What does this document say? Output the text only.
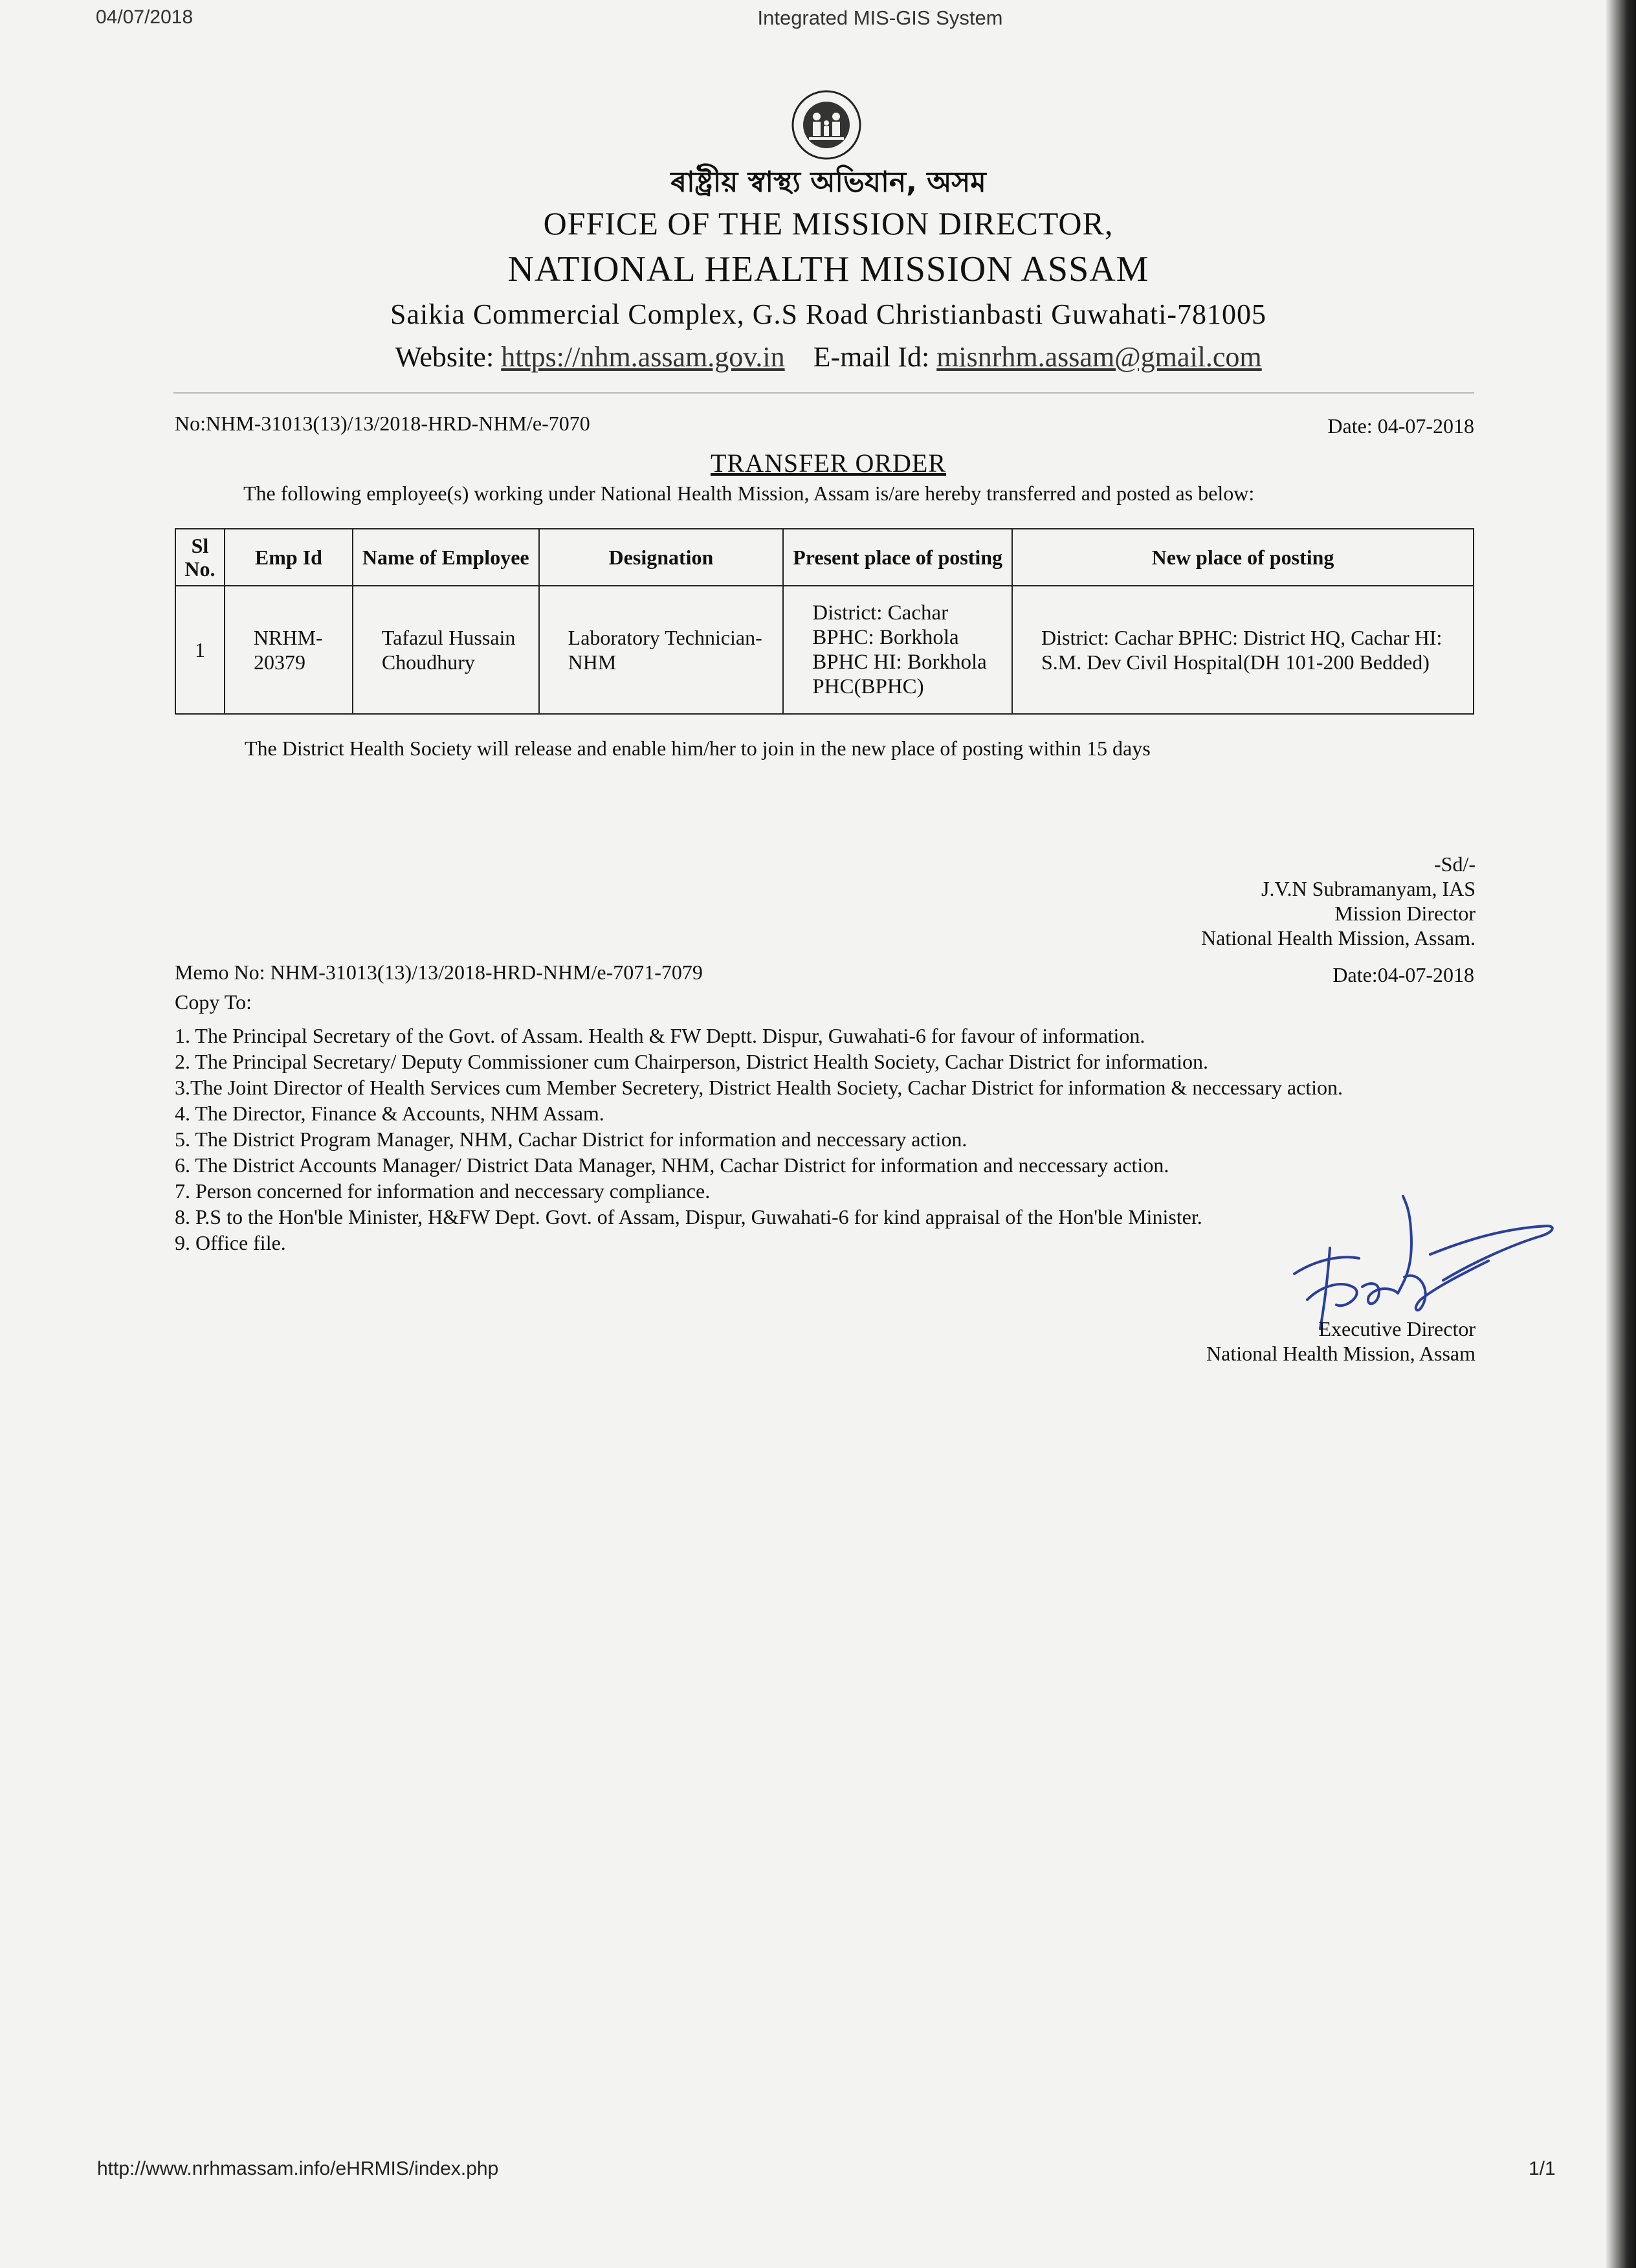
04/07/2018	Integrated MIS-GIS System
ৰাষ্ট্ৰীয় স্বাস্থ্য অভিযান, অসম
OFFICE OF THE MISSION DIRECTOR,
NATIONAL HEALTH MISSION ASSAM
Saikia Commercial Complex, G.S Road Christianbasti Guwahati-781005
Website: https://nhm.assam.gov.in E-mail Id: misnrhm.assam@gmail.com
No:NHM-31013(13)/13/2018-HRD-NHM/e-7070	Date: 04-07-2018
TRANSFER ORDER
The following employee(s) working under National Health Mission, Assam is/are hereby transferred and posted as below:
Sl No.	Emp Id	Name of Employee	Designation	Present place of posting	New place of posting
1	NRHM-20379	Tafazul Hussain Choudhury	Laboratory Technician-NHM	District: Cachar BPHC: Borkhola BPHC HI: Borkhola PHC(BPHC)	District: Cachar BPHC: District HQ, Cachar HI: S.M. Dev Civil Hospital(DH 101-200 Bedded)
The District Health Society will release and enable him/her to join in the new place of posting within 15 days
-Sd/-
J.V.N Subramanyam, IAS
Mission Director
National Health Mission, Assam.
Memo No: NHM-31013(13)/13/2018-HRD-NHM/e-7071-7079	Date:04-07-2018
Copy To:
1. The Principal Secretary of the Govt. of Assam. Health & FW Deptt. Dispur, Guwahati-6 for favour of information.
2. The Principal Secretary/ Deputy Commissioner cum Chairperson, District Health Society, Cachar District for information.
3.The Joint Director of Health Services cum Member Secretery, District Health Society, Cachar District for information & neccessary action.
4. The Director, Finance & Accounts, NHM Assam.
5. The District Program Manager, NHM, Cachar District for information and neccessary action.
6. The District Accounts Manager/ District Data Manager, NHM, Cachar District for information and neccessary action.
7. Person concerned for information and neccessary compliance.
8. P.S to the Hon'ble Minister, H&FW Dept. Govt. of Assam, Dispur, Guwahati-6 for kind appraisal of the Hon'ble Minister.
9. Office file.
Executive Director
National Health Mission, Assam
http://www.nrhmassam.info/eHRMIS/index.php	1/1
